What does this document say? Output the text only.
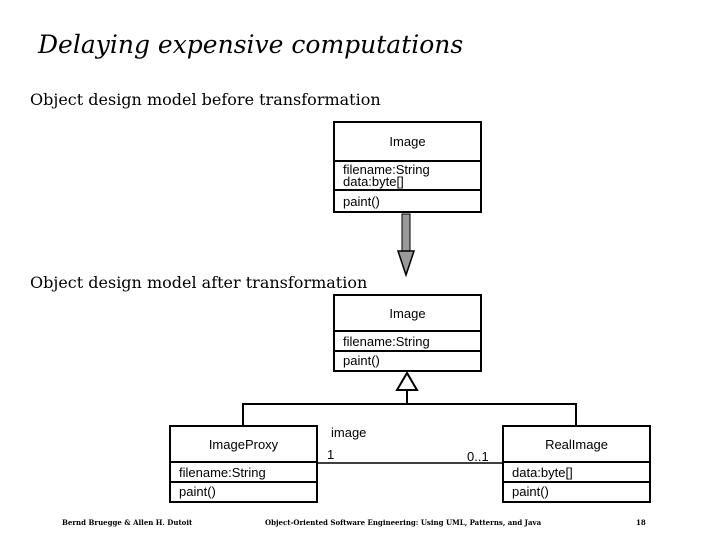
Delaying expensive computations
Object design model before transformation
Image
filename:String
data:byte[]
paint()
Object design model after transformation
Image
filename:String
paint()
ImageProxy
filename:String
paint()
RealImage
data:byte[]
paint()
image
1	0..1
Bernd Bruegge & Allen H. Dutoit	Object-Oriented Software Engineering: Using UML, Patterns, and Java	18
